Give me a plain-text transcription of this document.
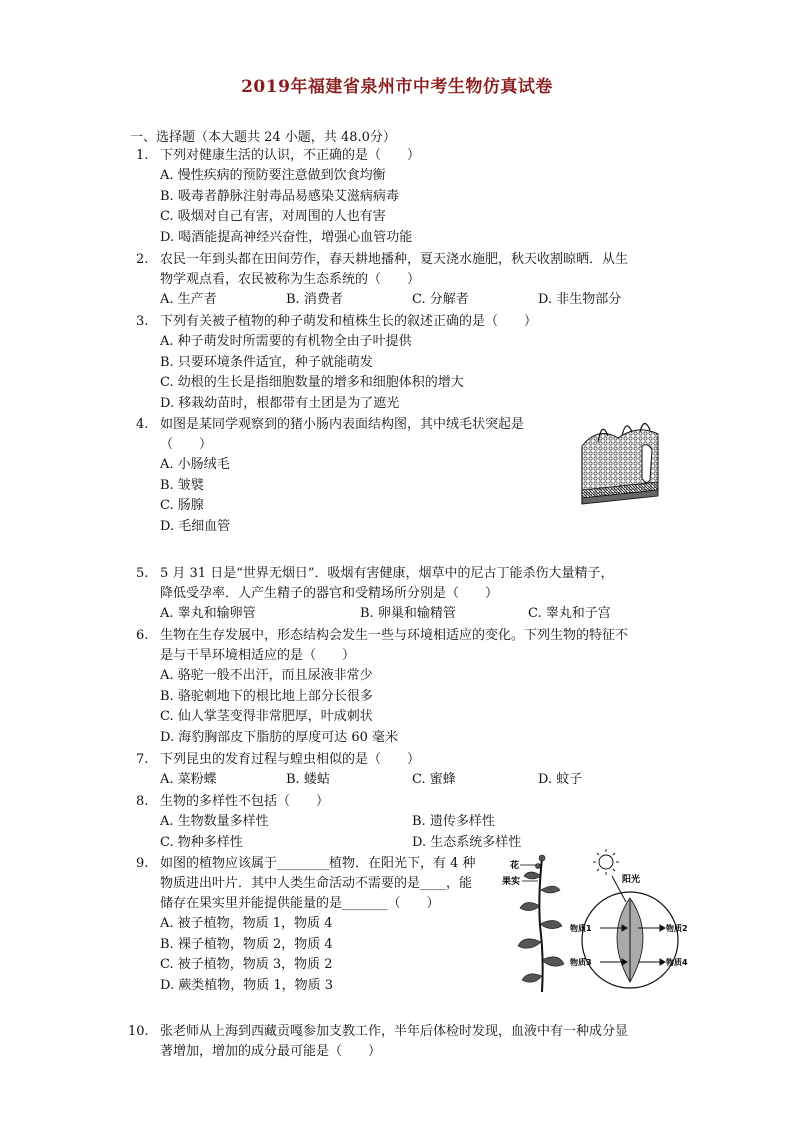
2019年福建省泉州市中考生物仿真试卷
一、选择题（本大题共 24 小题，共 48.0分）
1. 下列对健康生活的认识，不正确的是（　　）
A. 慢性疾病的预防要注意做到饮食均衡
B. 吸毒者静脉注射毒品易感染艾滋病病毒
C. 吸烟对自己有害，对周围的人也有害
D. 喝酒能提高神经兴奋性，增强心血管功能
2. 农民一年到头都在田间劳作，春天耕地播种，夏天浇水施肥，秋天收割晾晒．从生
物学观点看，农民被称为生态系统的（　　）
A. 生产者	B. 消费者	C. 分解者	D. 非生物部分
3. 下列有关被子植物的种子萌发和植株生长的叙述正确的是（　　）
A. 种子萌发时所需要的有机物全由子叶提供
B. 只要环境条件适宜，种子就能萌发
C. 幼根的生长是指细胞数量的增多和细胞体积的增大
D. 移栽幼苗时，根都带有土团是为了遮光
4. 如图是某同学观察到的猪小肠内表面结构图，其中绒毛状突起是
（　　）
A. 小肠绒毛
B. 皱襞
C. 肠腺
D. 毛细血管
5. 5 月 31 日是“世界无烟日”．吸烟有害健康，烟草中的尼古丁能杀伤大量精子，
降低受孕率．人产生精子的器官和受精场所分别是（　　）
A. 睾丸和输卵管	B. 卵巢和输精管	C. 睾丸和子宫
6. 生物在生存发展中，形态结构会发生一些与环境相适应的变化。下列生物的特征不
是与干旱环境相适应的是（　　）
A. 骆驼一般不出汗，而且尿液非常少
B. 骆驼刺地下的根比地上部分长很多
C. 仙人掌茎变得非常肥厚，叶成刺状
D. 海豹胸部皮下脂肪的厚度可达 60 毫米
7. 下列昆虫的发育过程与蝗虫相似的是（　　）
A. 菜粉蝶	B. 蝼蛄	C. 蜜蜂	D. 蚊子
8. 生物的多样性不包括（　　）
A. 生物数量多样性	B. 遗传多样性
C. 物种多样性	D. 生态系统多样性
9. 如图的植物应该属于________植物．在阳光下，有 4 种
物质进出叶片．其中人类生命活动不需要的是____，能
储存在果实里并能提供能量的是_______（　　）
A. 被子植物，物质 1，物质 4
B. 裸子植物，物质 2，物质 4
C. 被子植物，物质 3，物质 2
D. 蕨类植物，物质 1，物质 3
阳光
花
果实
物质1	物质2
物质3	物质4
10. 张老师从上海到西藏贡嘎参加支教工作，半年后体检时发现，血液中有一种成分显
著增加，增加的成分最可能是（　　）
